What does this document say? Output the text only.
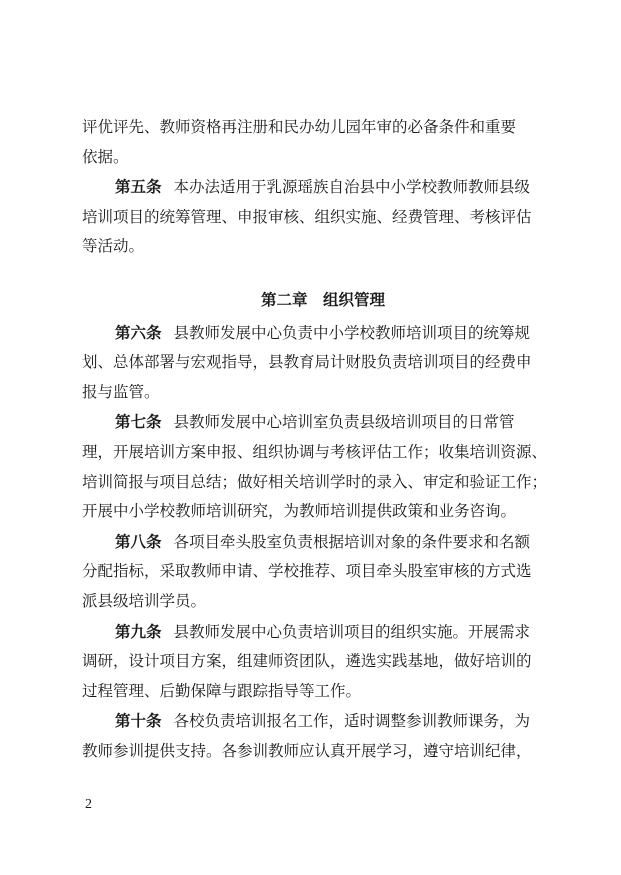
评优评先、教师资格再注册和民办幼儿园年审的必备条件和重要

依据。

第五条 本办法适用于乳源瑶族自治县中小学校教师教师县级

培训项目的统筹管理、申报审核、组织实施、经费管理、考核评估

等活动。

第二章　组织管理

第六条 县教师发展中心负责中小学校教师培训项目的统筹规

划、总体部署与宏观指导，县教育局计财股负责培训项目的经费申

报与监管。

第七条 县教师发展中心培训室负责县级培训项目的日常管

理，开展培训方案申报、组织协调与考核评估工作；收集培训资源、

培训简报与项目总结；做好相关培训学时的录入、审定和验证工作；

开展中小学校教师培训研究，为教师培训提供政策和业务咨询。

第八条 各项目牵头股室负责根据培训对象的条件要求和名额

分配指标，采取教师申请、学校推荐、项目牵头股室审核的方式选

派县级培训学员。

第九条 县教师发展中心负责培训项目的组织实施。开展需求

调研，设计项目方案，组建师资团队，遴选实践基地，做好培训的

过程管理、后勤保障与跟踪指导等工作。

第十条 各校负责培训报名工作，适时调整参训教师课务，为

教师参训提供支持。各参训教师应认真开展学习，遵守培训纪律，

2
